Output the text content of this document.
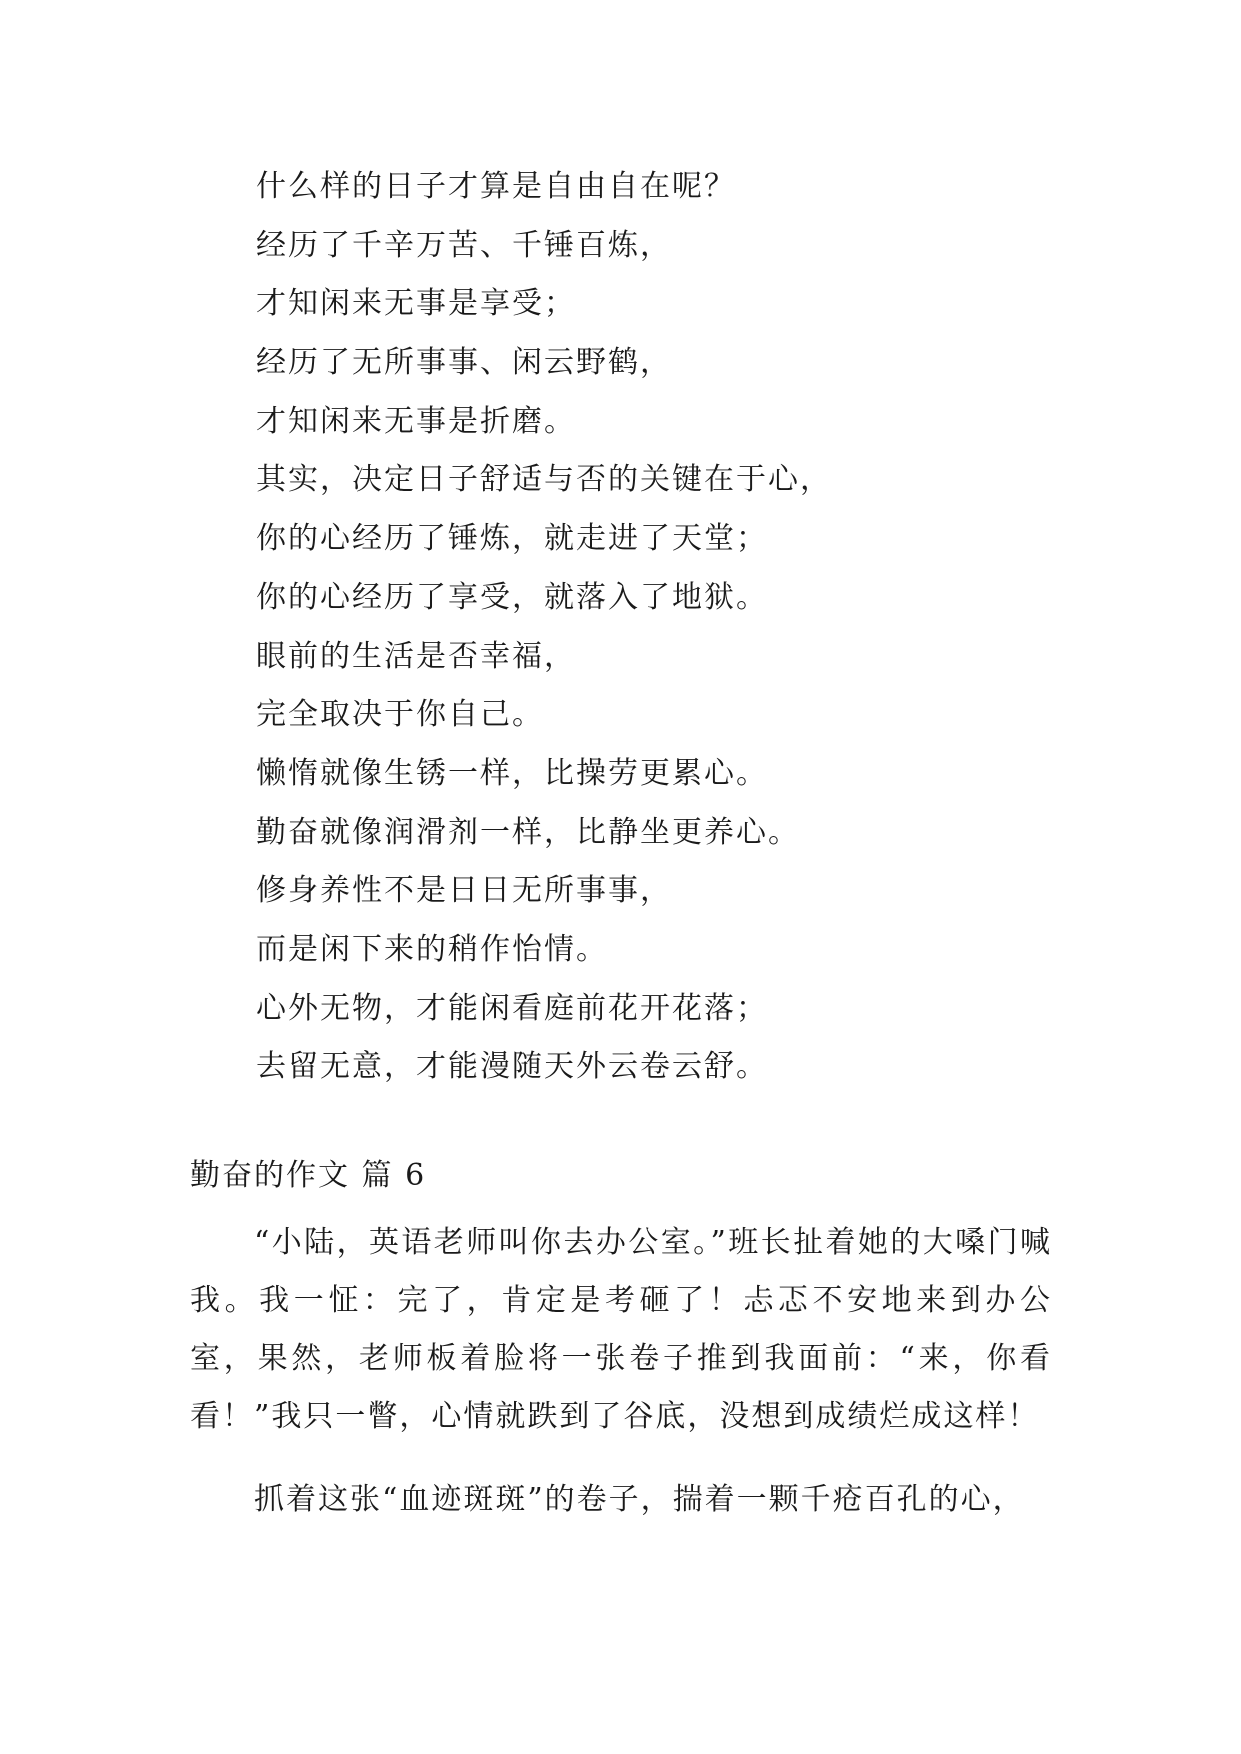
什么样的日子才算是自由自在呢？
经历了千辛万苦、千锤百炼，
才知闲来无事是享受；
经历了无所事事、闲云野鹤，
才知闲来无事是折磨。
其实，决定日子舒适与否的关键在于心，
你的心经历了锤炼，就走进了天堂；
你的心经历了享受，就落入了地狱。
眼前的生活是否幸福，
完全取决于你自己。
懒惰就像生锈一样，比操劳更累心。
勤奋就像润滑剂一样，比静坐更养心。
修身养性不是日日无所事事，
而是闲下来的稍作怡情。
心外无物，才能闲看庭前花开花落；
去留无意，才能漫随天外云卷云舒。
勤奋的作文 篇 6

“小陆，英语老师叫你去办公室。”班长扯着她的大嗓门喊我。我一怔：完了，肯定是考砸了！忐忑不安地来到办公室，果然，老师板着脸将一张卷子推到我面前：“来，你看看！”我只一瞥，心情就跌到了谷底，没想到成绩烂成这样！

抓着这张“血迹斑斑”的卷子，揣着一颗千疮百孔的心，
